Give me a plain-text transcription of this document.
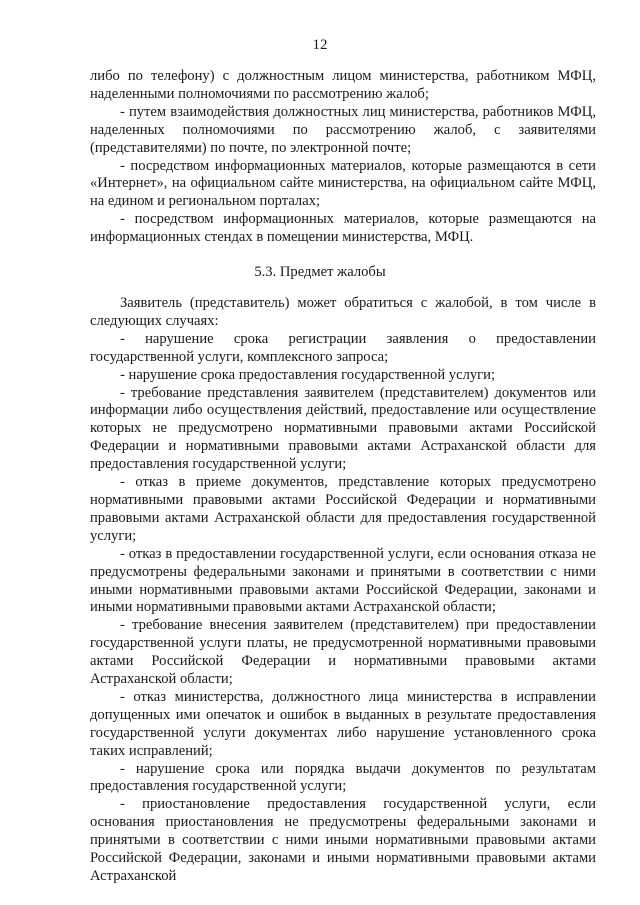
12

либо по телефону) с должностным лицом министерства, работником МФЦ, наделенными полномочиями по рассмотрению жалоб;

- путем взаимодействия должностных лиц министерства, работников МФЦ, наделенных полномочиями по рассмотрению жалоб, с заявителями (представителями) по почте, по электронной почте;

- посредством информационных материалов, которые размещаются в сети «Интернет», на официальном сайте министерства, на официальном сайте МФЦ, на едином и региональном порталах;

- посредством информационных материалов, которые размещаются на информационных стендах в помещении министерства, МФЦ.

5.3. Предмет жалобы

Заявитель (представитель) может обратиться с жалобой, в том числе в следующих случаях:

- нарушение срока регистрации заявления о предоставлении государственной услуги, комплексного запроса;

- нарушение срока предоставления государственной услуги;

- требование представления заявителем (представителем) документов или информации либо осуществления действий, предоставление или осуществление которых не предусмотрено нормативными правовыми актами Российской Федерации и нормативными правовыми актами Астраханской области для предоставления государственной услуги;

- отказ в приеме документов, представление которых предусмотрено нормативными правовыми актами Российской Федерации и нормативными правовыми актами Астраханской области для предоставления государственной услуги;

- отказ в предоставлении государственной услуги, если основания отказа не предусмотрены федеральными законами и принятыми в соответствии с ними иными нормативными правовыми актами Российской Федерации, законами и иными нормативными правовыми актами Астраханской области;

- требование внесения заявителем (представителем) при предоставлении государственной услуги платы, не предусмотренной нормативными правовыми актами Российской Федерации и нормативными правовыми актами Астраханской области;

- отказ министерства, должностного лица министерства в исправлении допущенных ими опечаток и ошибок в выданных в результате предоставления государственной услуги документах либо нарушение установленного срока таких исправлений;

- нарушение срока или порядка выдачи документов по результатам предоставления государственной услуги;

- приостановление предоставления государственной услуги, если основания приостановления не предусмотрены федеральными законами и принятыми в соответствии с ними иными нормативными правовыми актами Российской Федерации, законами и иными нормативными правовыми актами Астраханской
